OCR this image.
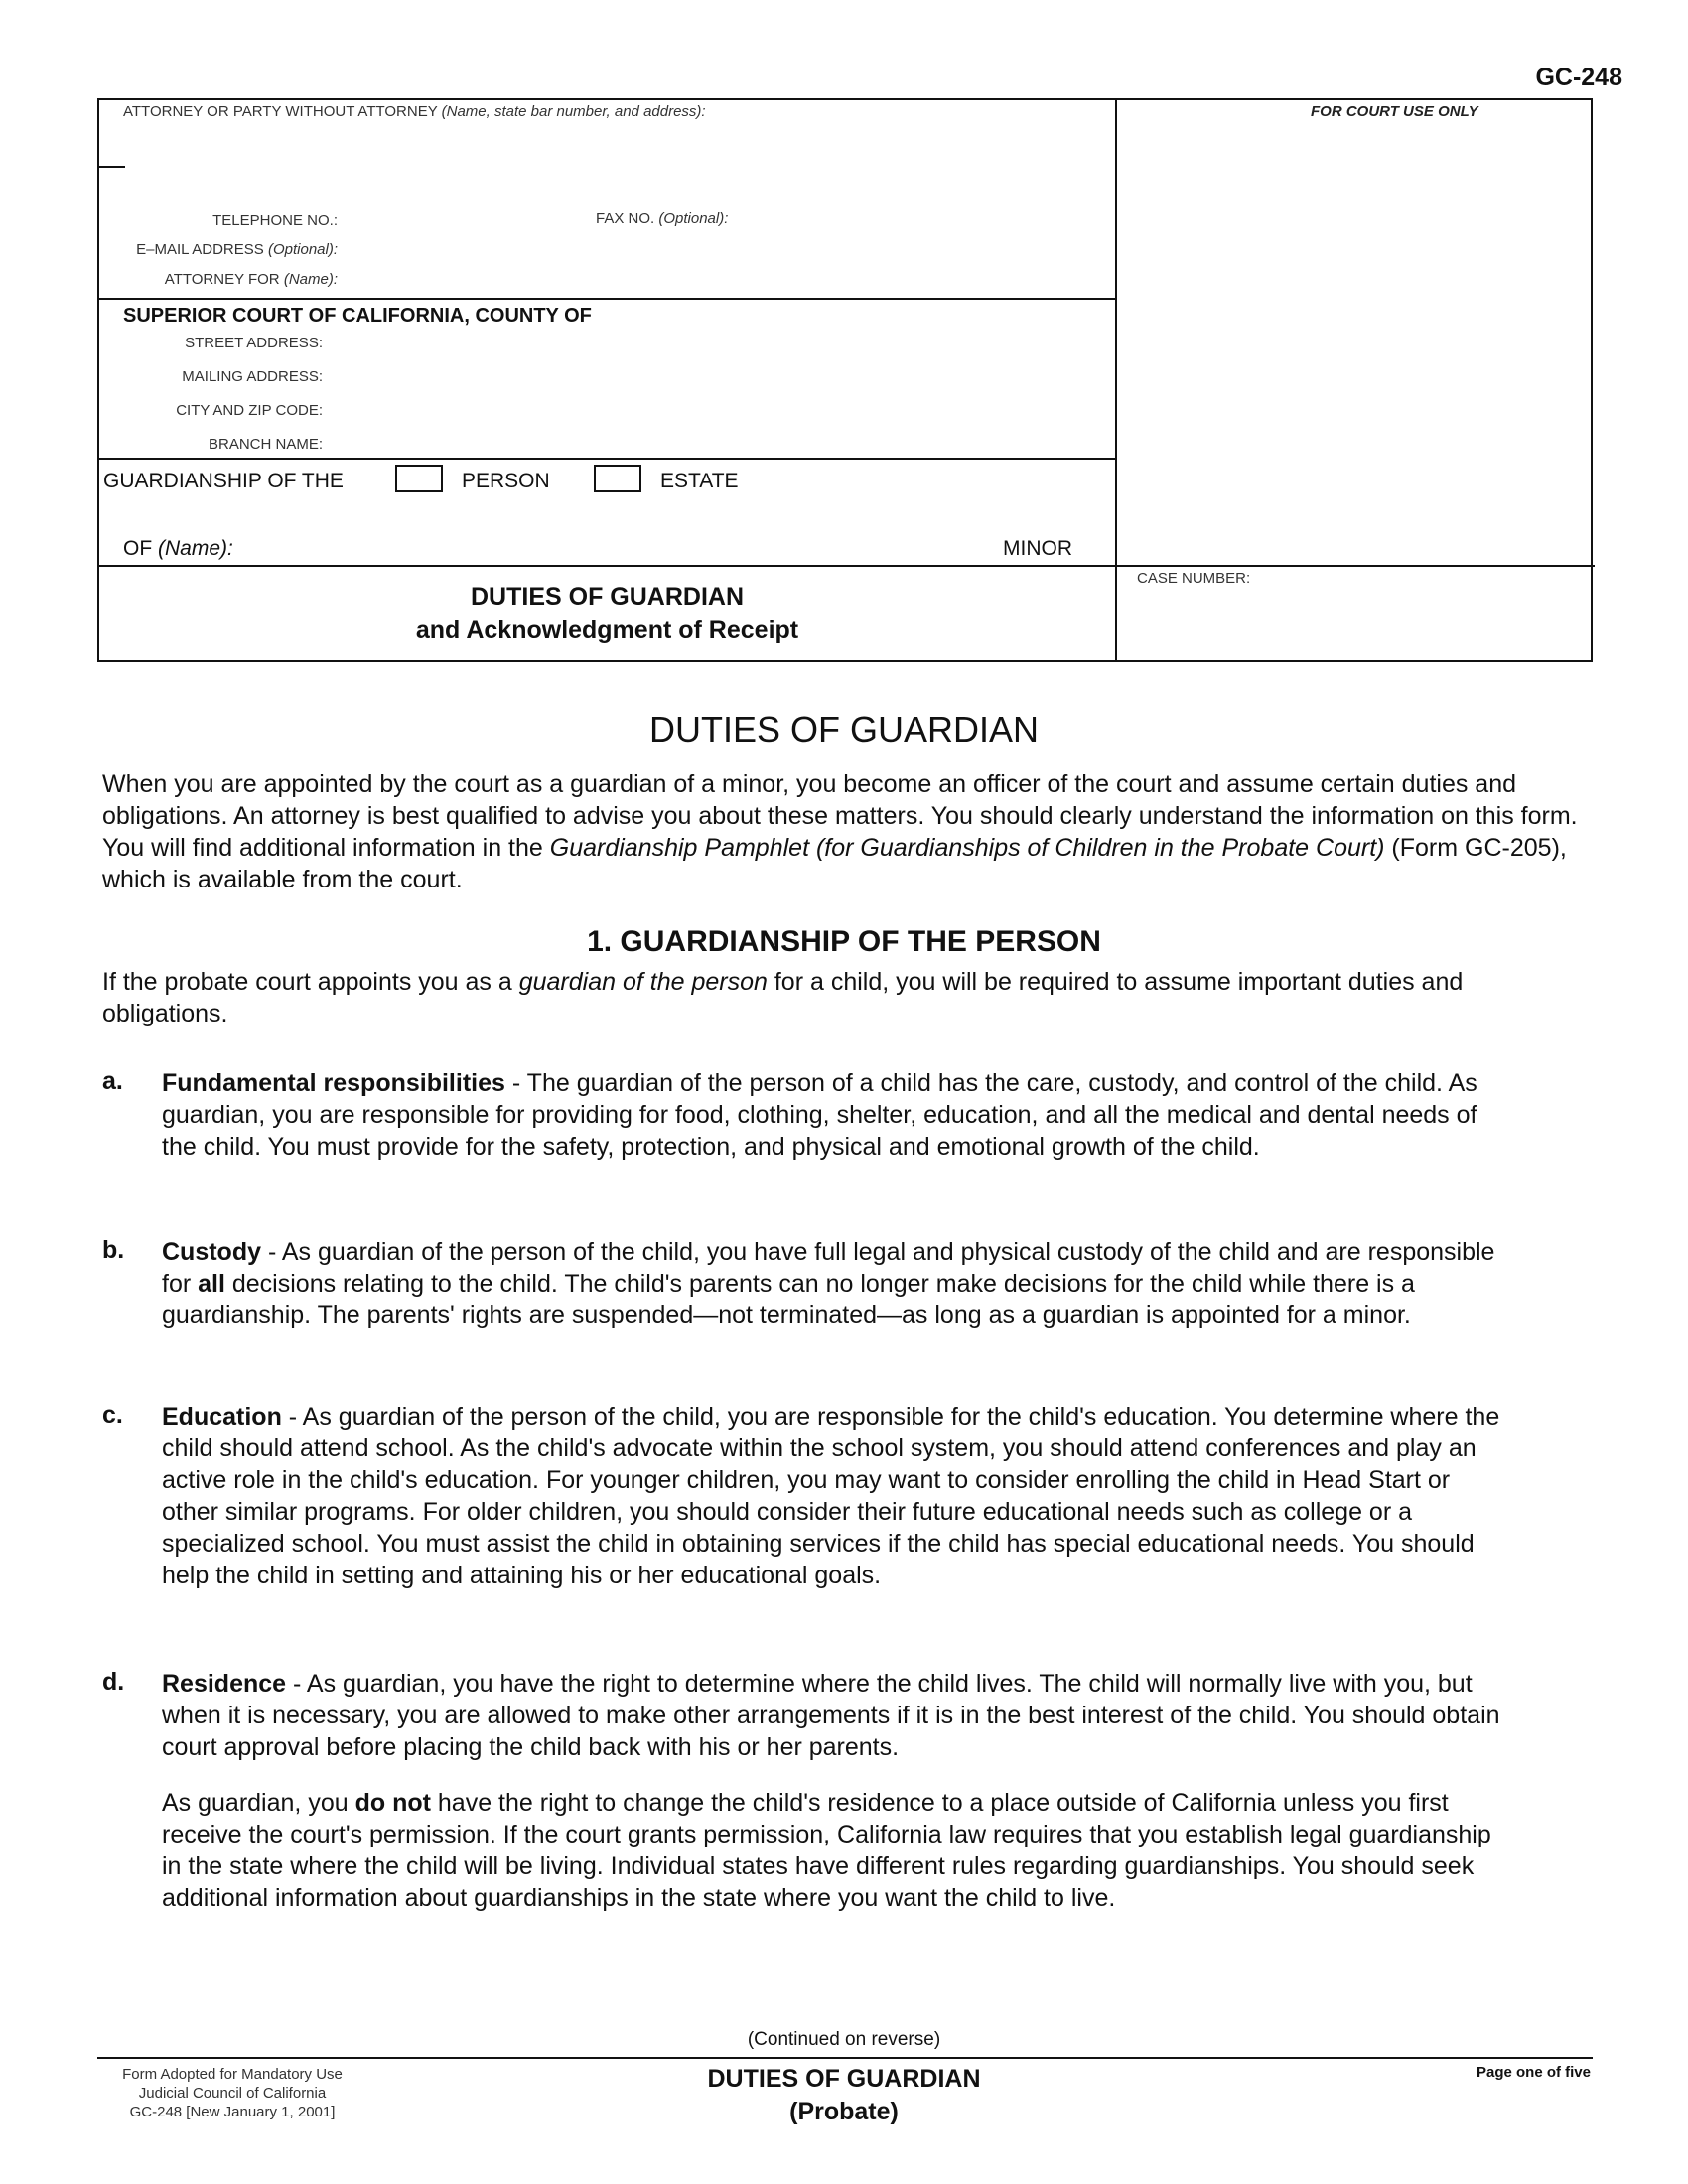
GC-248
ATTORNEY OR PARTY WITHOUT ATTORNEY (Name, state bar number, and address):	FOR COURT USE ONLY
TELEPHONE NO.:	FAX NO. (Optional):
E–MAIL ADDRESS (Optional):
ATTORNEY FOR (Name):
SUPERIOR COURT OF CALIFORNIA, COUNTY OF
STREET ADDRESS:
MAILING ADDRESS:
CITY AND ZIP CODE:
BRANCH NAME:
GUARDIANSHIP OF THE	PERSON	ESTATE
OF (Name):	MINOR
DUTIES OF GUARDIAN
and Acknowledgment of Receipt
CASE NUMBER:
DUTIES OF GUARDIAN
When you are appointed by the court as a guardian of a minor, you become an officer of the court and assume certain duties and obligations. An attorney is best qualified to advise you about these matters. You should clearly understand the information on this form. You will find additional information in the Guardianship Pamphlet (for Guardianships of Children in the Probate Court) (Form GC-205), which is available from the court.
1. GUARDIANSHIP OF THE PERSON
If the probate court appoints you as a guardian of the person for a child, you will be required to assume important duties and obligations.
a. Fundamental responsibilities - The guardian of the person of a child has the care, custody, and control of the child. As guardian, you are responsible for providing for food, clothing, shelter, education, and all the medical and dental needs of the child. You must provide for the safety, protection, and physical and emotional growth of the child.
b. Custody - As guardian of the person of the child, you have full legal and physical custody of the child and are responsible for all decisions relating to the child. The child's parents can no longer make decisions for the child while there is a guardianship. The parents' rights are suspended—not terminated—as long as a guardian is appointed for a minor.
c. Education - As guardian of the person of the child, you are responsible for the child's education. You determine where the child should attend school. As the child's advocate within the school system, you should attend conferences and play an active role in the child's education. For younger children, you may want to consider enrolling the child in Head Start or other similar programs. For older children, you should consider their future educational needs such as college or a specialized school. You must assist the child in obtaining services if the child has special educational needs. You should help the child in setting and attaining his or her educational goals.
d. Residence - As guardian, you have the right to determine where the child lives. The child will normally live with you, but when it is necessary, you are allowed to make other arrangements if it is in the best interest of the child. You should obtain court approval before placing the child back with his or her parents.
As guardian, you do not have the right to change the child's residence to a place outside of California unless you first receive the court's permission. If the court grants permission, California law requires that you establish legal guardianship in the state where the child will be living. Individual states have different rules regarding guardianships. You should seek additional information about guardianships in the state where you want the child to live.
(Continued on reverse)
Form Adopted for Mandatory Use
Judicial Council of California
GC-248 [New January 1, 2001]
DUTIES OF GUARDIAN
(Probate)
Page one of five
